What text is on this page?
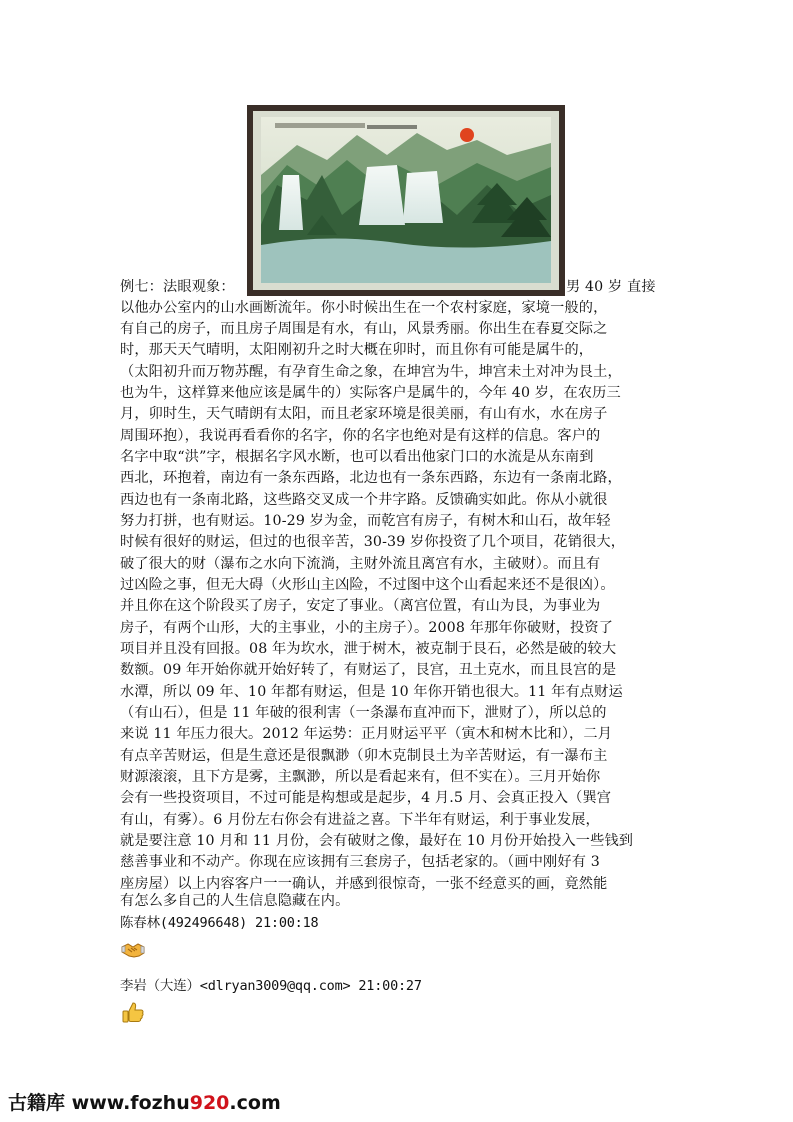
例七：法眼观象：	男 40 岁 直接
以他办公室内的山水画断流年。你小时候出生在一个农村家庭，家境一般的，
有自己的房子，而且房子周围是有水，有山，风景秀丽。你出生在春夏交际之
时，那天天气晴明，太阳刚初升之时大概在卯时，而且你有可能是属牛的，
（太阳初升而万物苏醒，有孕育生命之象，在坤宫为牛，坤宫未土对冲为艮土，
也为牛，这样算来他应该是属牛的）实际客户是属牛的，今年 40 岁，在农历三
月，卯时生，天气晴朗有太阳，而且老家环境是很美丽，有山有水，水在房子
周围环抱），我说再看看你的名字，你的名字也绝对是有这样的信息。客户的
名字中取“洪”字，根据名字风水断，也可以看出他家门口的水流是从东南到
西北，环抱着，南边有一条东西路，北边也有一条东西路，东边有一条南北路，
西边也有一条南北路，这些路交叉成一个井字路。反馈确实如此。你从小就很
努力打拼，也有财运。10-29 岁为金，而乾宫有房子，有树木和山石，故年轻
时候有很好的财运，但过的也很辛苦，30-39 岁你投资了几个项目，花销很大，
破了很大的财（瀑布之水向下流淌，主财外流且离宫有水，主破财）。而且有
过凶险之事，但无大碍（火形山主凶险，不过图中这个山看起来还不是很凶）。
并且你在这个阶段买了房子，安定了事业。（离宫位置，有山为艮，为事业为
房子，有两个山形，大的主事业，小的主房子）。2008 年那年你破财，投资了
项目并且没有回报。08 年为坎水，泄于树木，被克制于艮石，必然是破的较大
数额。09 年开始你就开始好转了，有财运了，艮宫，丑土克水，而且艮宫的是
水潭，所以 09 年、10 年都有财运，但是 10 年你开销也很大。11 年有点财运
（有山石），但是 11 年破的很利害（一条瀑布直冲而下，泄财了），所以总的
来说 11 年压力很大。2012 年运势：正月财运平平（寅木和树木比和），二月
有点辛苦财运，但是生意还是很飘渺（卯木克制艮土为辛苦财运，有一瀑布主
财源滚滚，且下方是雾，主飘渺，所以是看起来有，但不实在）。三月开始你
会有一些投资项目，不过可能是构想或是起步，4 月.5 月、会真正投入（巽宫
有山，有雾）。6 月份左右你会有进益之喜。下半年有财运，利于事业发展，
就是要注意 10 月和 11 月份，会有破财之像，最好在 10 月份开始投入一些钱到
慈善事业和不动产。你现在应该拥有三套房子，包括老家的。（画中刚好有 3
座房屋）以上内容客户一一确认，并感到很惊奇，一张不经意买的画，竟然能
有怎么多自己的人生信息隐藏在内。
陈春林(492496648) 21:00:18
李岩（大连）<dlryan3009@qq.com> 21:00:27
古籍库 www.fozhu920.com
